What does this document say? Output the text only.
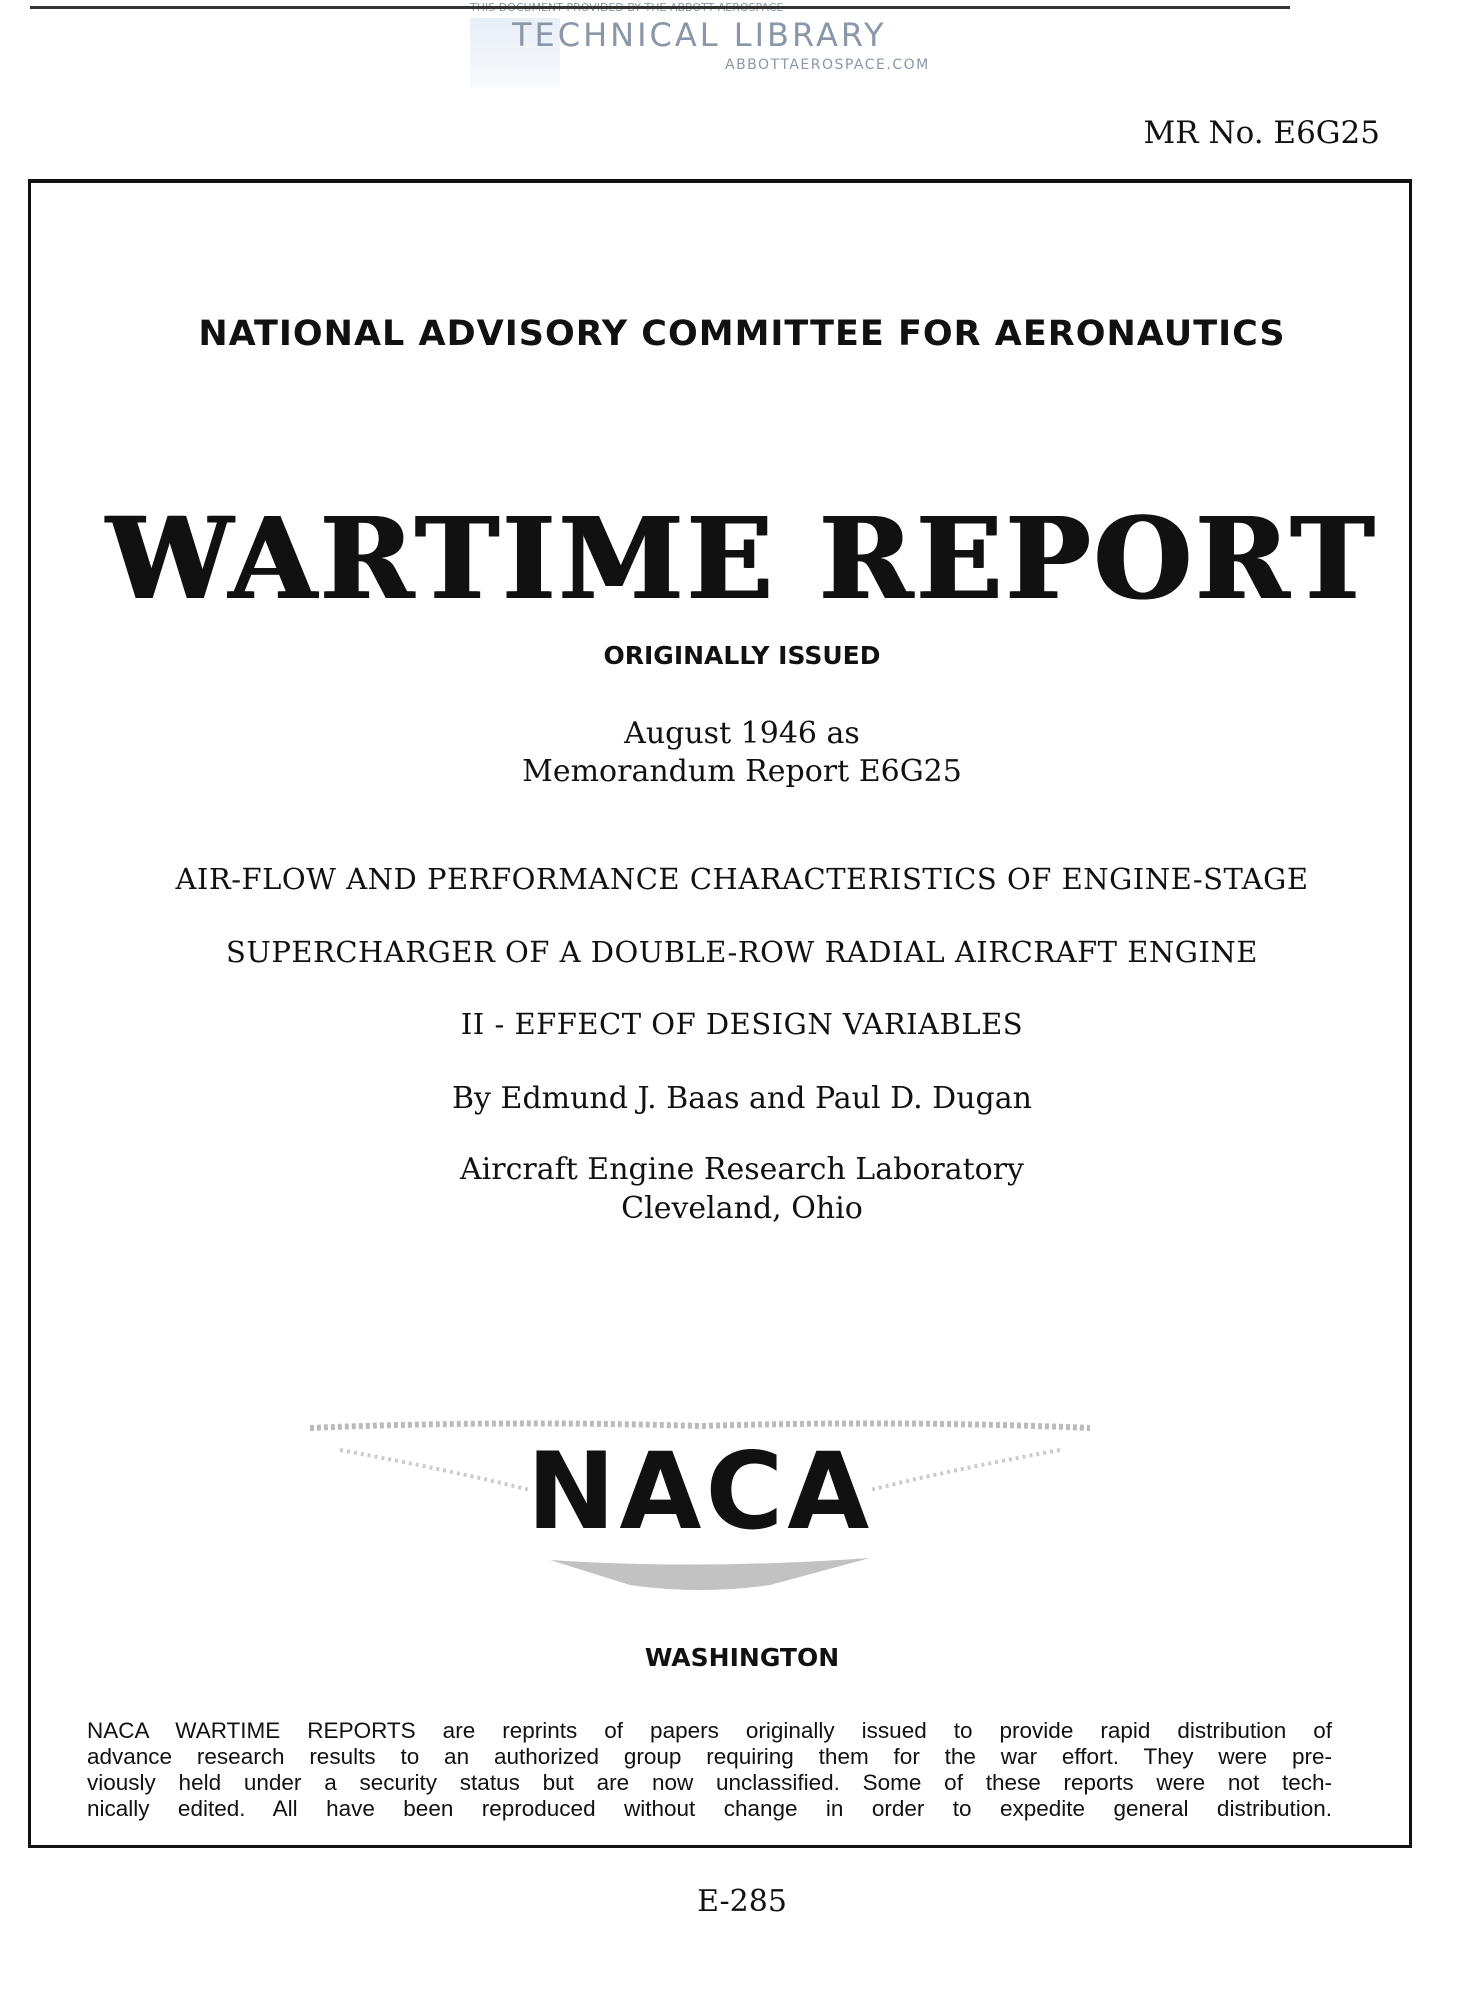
TECHNICAL LIBRARY
ABBOTTAEROSPACE.COM
MR No. E6G25
NATIONAL ADVISORY COMMITTEE FOR AERONAUTICS
WARTIME REPORT
ORIGINALLY ISSUED
August 1946 as
Memorandum Report E6G25
AIR-FLOW AND PERFORMANCE CHARACTERISTICS OF ENGINE-STAGE
SUPERCHARGER OF A DOUBLE-ROW RADIAL AIRCRAFT ENGINE
II - EFFECT OF DESIGN VARIABLES
By Edmund J. Baas and Paul D. Dugan
Aircraft Engine Research Laboratory
Cleveland, Ohio
NACA
WASHINGTON
NACA WARTIME REPORTS are reprints of papers originally issued to provide rapid distribution of
advance research results to an authorized group requiring them for the war effort. They were pre-
viously held under a security status but are now unclassified. Some of these reports were not tech-
nically edited. All have been reproduced without change in order to expedite general distribution.
E-285
